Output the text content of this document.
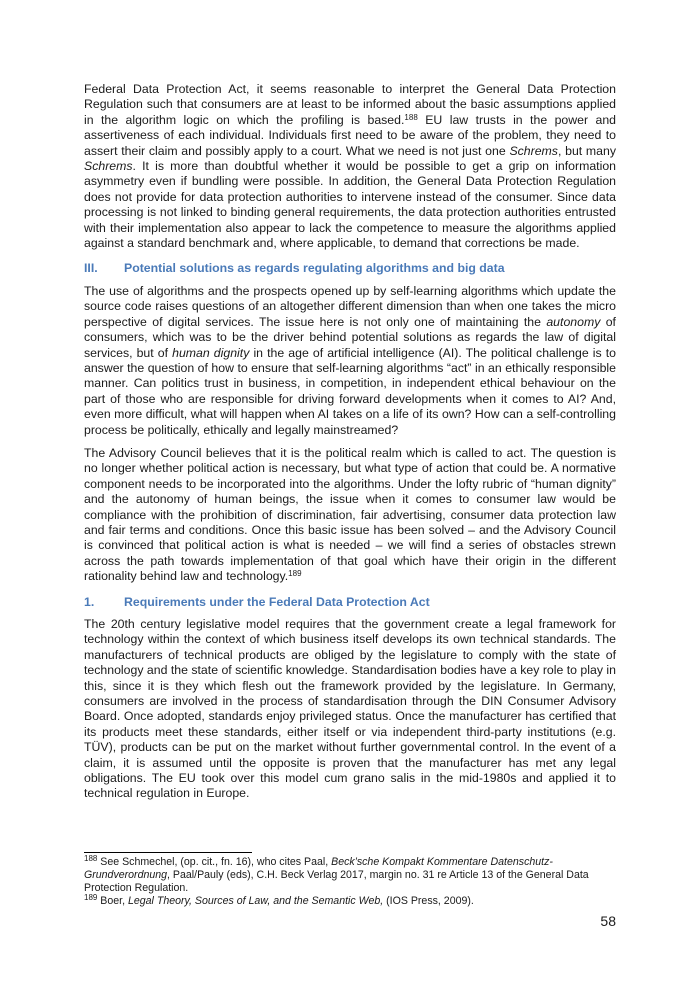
Federal Data Protection Act, it seems reasonable to interpret the General Data Protection Regulation such that consumers are at least to be informed about the basic assumptions applied in the algorithm logic on which the profiling is based.$^{188}$ EU law trusts in the power and assertiveness of each individual. Individuals first need to be aware of the problem, they need to assert their claim and possibly apply to a court. What we need is not just one Schrems, but many Schrems. It is more than doubtful whether it would be possible to get a grip on information asymmetry even if bundling were possible. In addition, the General Data Protection Regulation does not provide for data protection authorities to intervene instead of the consumer. Since data processing is not linked to binding general requirements, the data protection authorities entrusted with their implementation also appear to lack the competence to measure the algorithms applied against a standard benchmark and, where applicable, to demand that corrections be made.

III.	Potential solutions as regards regulating algorithms and big data

The use of algorithms and the prospects opened up by self-learning algorithms which update the source code raises questions of an altogether different dimension than when one takes the micro perspective of digital services. The issue here is not only one of maintaining the autonomy of consumers, which was to be the driver behind potential solutions as regards the law of digital services, but of human dignity in the age of artificial intelligence (AI). The political challenge is to answer the question of how to ensure that self-learning algorithms “act” in an ethically responsible manner. Can politics trust in business, in competition, in independent ethical behaviour on the part of those who are responsible for driving forward developments when it comes to AI? And, even more difficult, what will happen when AI takes on a life of its own? How can a self-controlling process be politically, ethically and legally mainstreamed?

The Advisory Council believes that it is the political realm which is called to act. The question is no longer whether political action is necessary, but what type of action that could be. A normative component needs to be incorporated into the algorithms. Under the lofty rubric of “human dignity” and the autonomy of human beings, the issue when it comes to consumer law would be compliance with the prohibition of discrimination, fair advertising, consumer data protection law and fair terms and conditions. Once this basic issue has been solved – and the Advisory Council is convinced that political action is what is needed – we will find a series of obstacles strewn across the path towards implementation of that goal which have their origin in the different rationality behind law and technology.$^{189}$

1.	Requirements under the Federal Data Protection Act

The 20th century legislative model requires that the government create a legal framework for technology within the context of which business itself develops its own technical standards. The manufacturers of technical products are obliged by the legislature to comply with the state of technology and the state of scientific knowledge. Standardisation bodies have a key role to play in this, since it is they which flesh out the framework provided by the legislature. In Germany, consumers are involved in the process of standardisation through the DIN Consumer Advisory Board. Once adopted, standards enjoy privileged status. Once the manufacturer has certified that its products meet these standards, either itself or via independent third-party institutions (e.g. TÜV), products can be put on the market without further governmental control. In the event of a claim, it is assumed until the opposite is proven that the manufacturer has met any legal obligations. The EU took over this model cum grano salis in the mid-1980s and applied it to technical regulation in Europe.

$^{188}$ See Schmechel, (op. cit., fn. 16), who cites Paal, Beck’sche Kompakt Kommentare Datenschutz-Grundverordnung, Paal/Pauly (eds), C.H. Beck Verlag 2017, margin no. 31 re Article 13 of the General Data Protection Regulation.

$^{189}$ Boer, Legal Theory, Sources of Law, and the Semantic Web, (IOS Press, 2009).

58
